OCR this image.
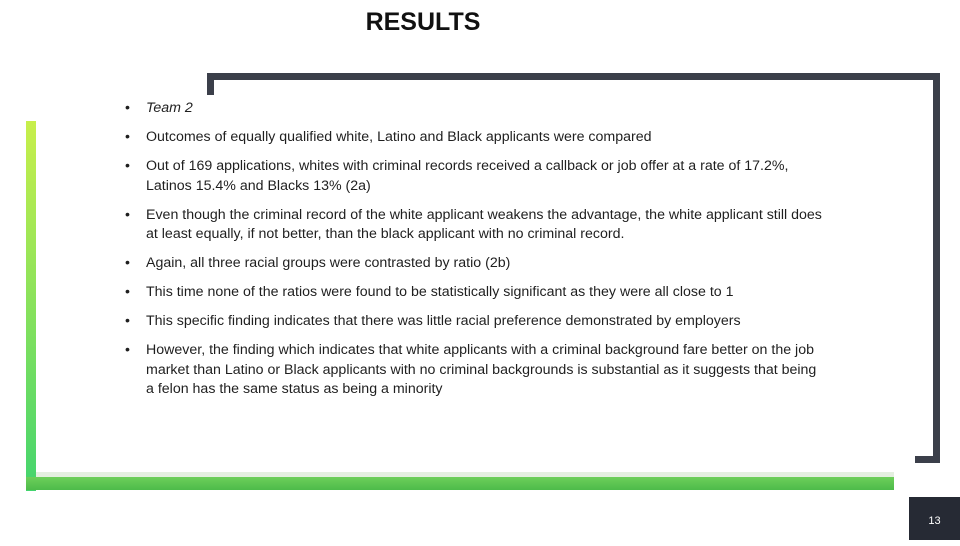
RESULTS
• Team 2
• Outcomes of equally qualified white, Latino and Black applicants were compared
• Out of 169 applications, whites with criminal records received a callback or job offer at a rate of 17.2%, Latinos 15.4% and Blacks 13% (2a)
• Even though the criminal record of the white applicant weakens the advantage, the white applicant still does at least equally, if not better, than the black applicant with no criminal record.
• Again, all three racial groups were contrasted by ratio (2b)
• This time none of the ratios were found to be statistically significant as they were all close to 1
• This specific finding indicates that there was little racial preference demonstrated by employers
• However, the finding which indicates that white applicants with a criminal background fare better on the job market than Latino or Black applicants with no criminal backgrounds is substantial as it suggests that being a felon has the same status as being a minority
13
